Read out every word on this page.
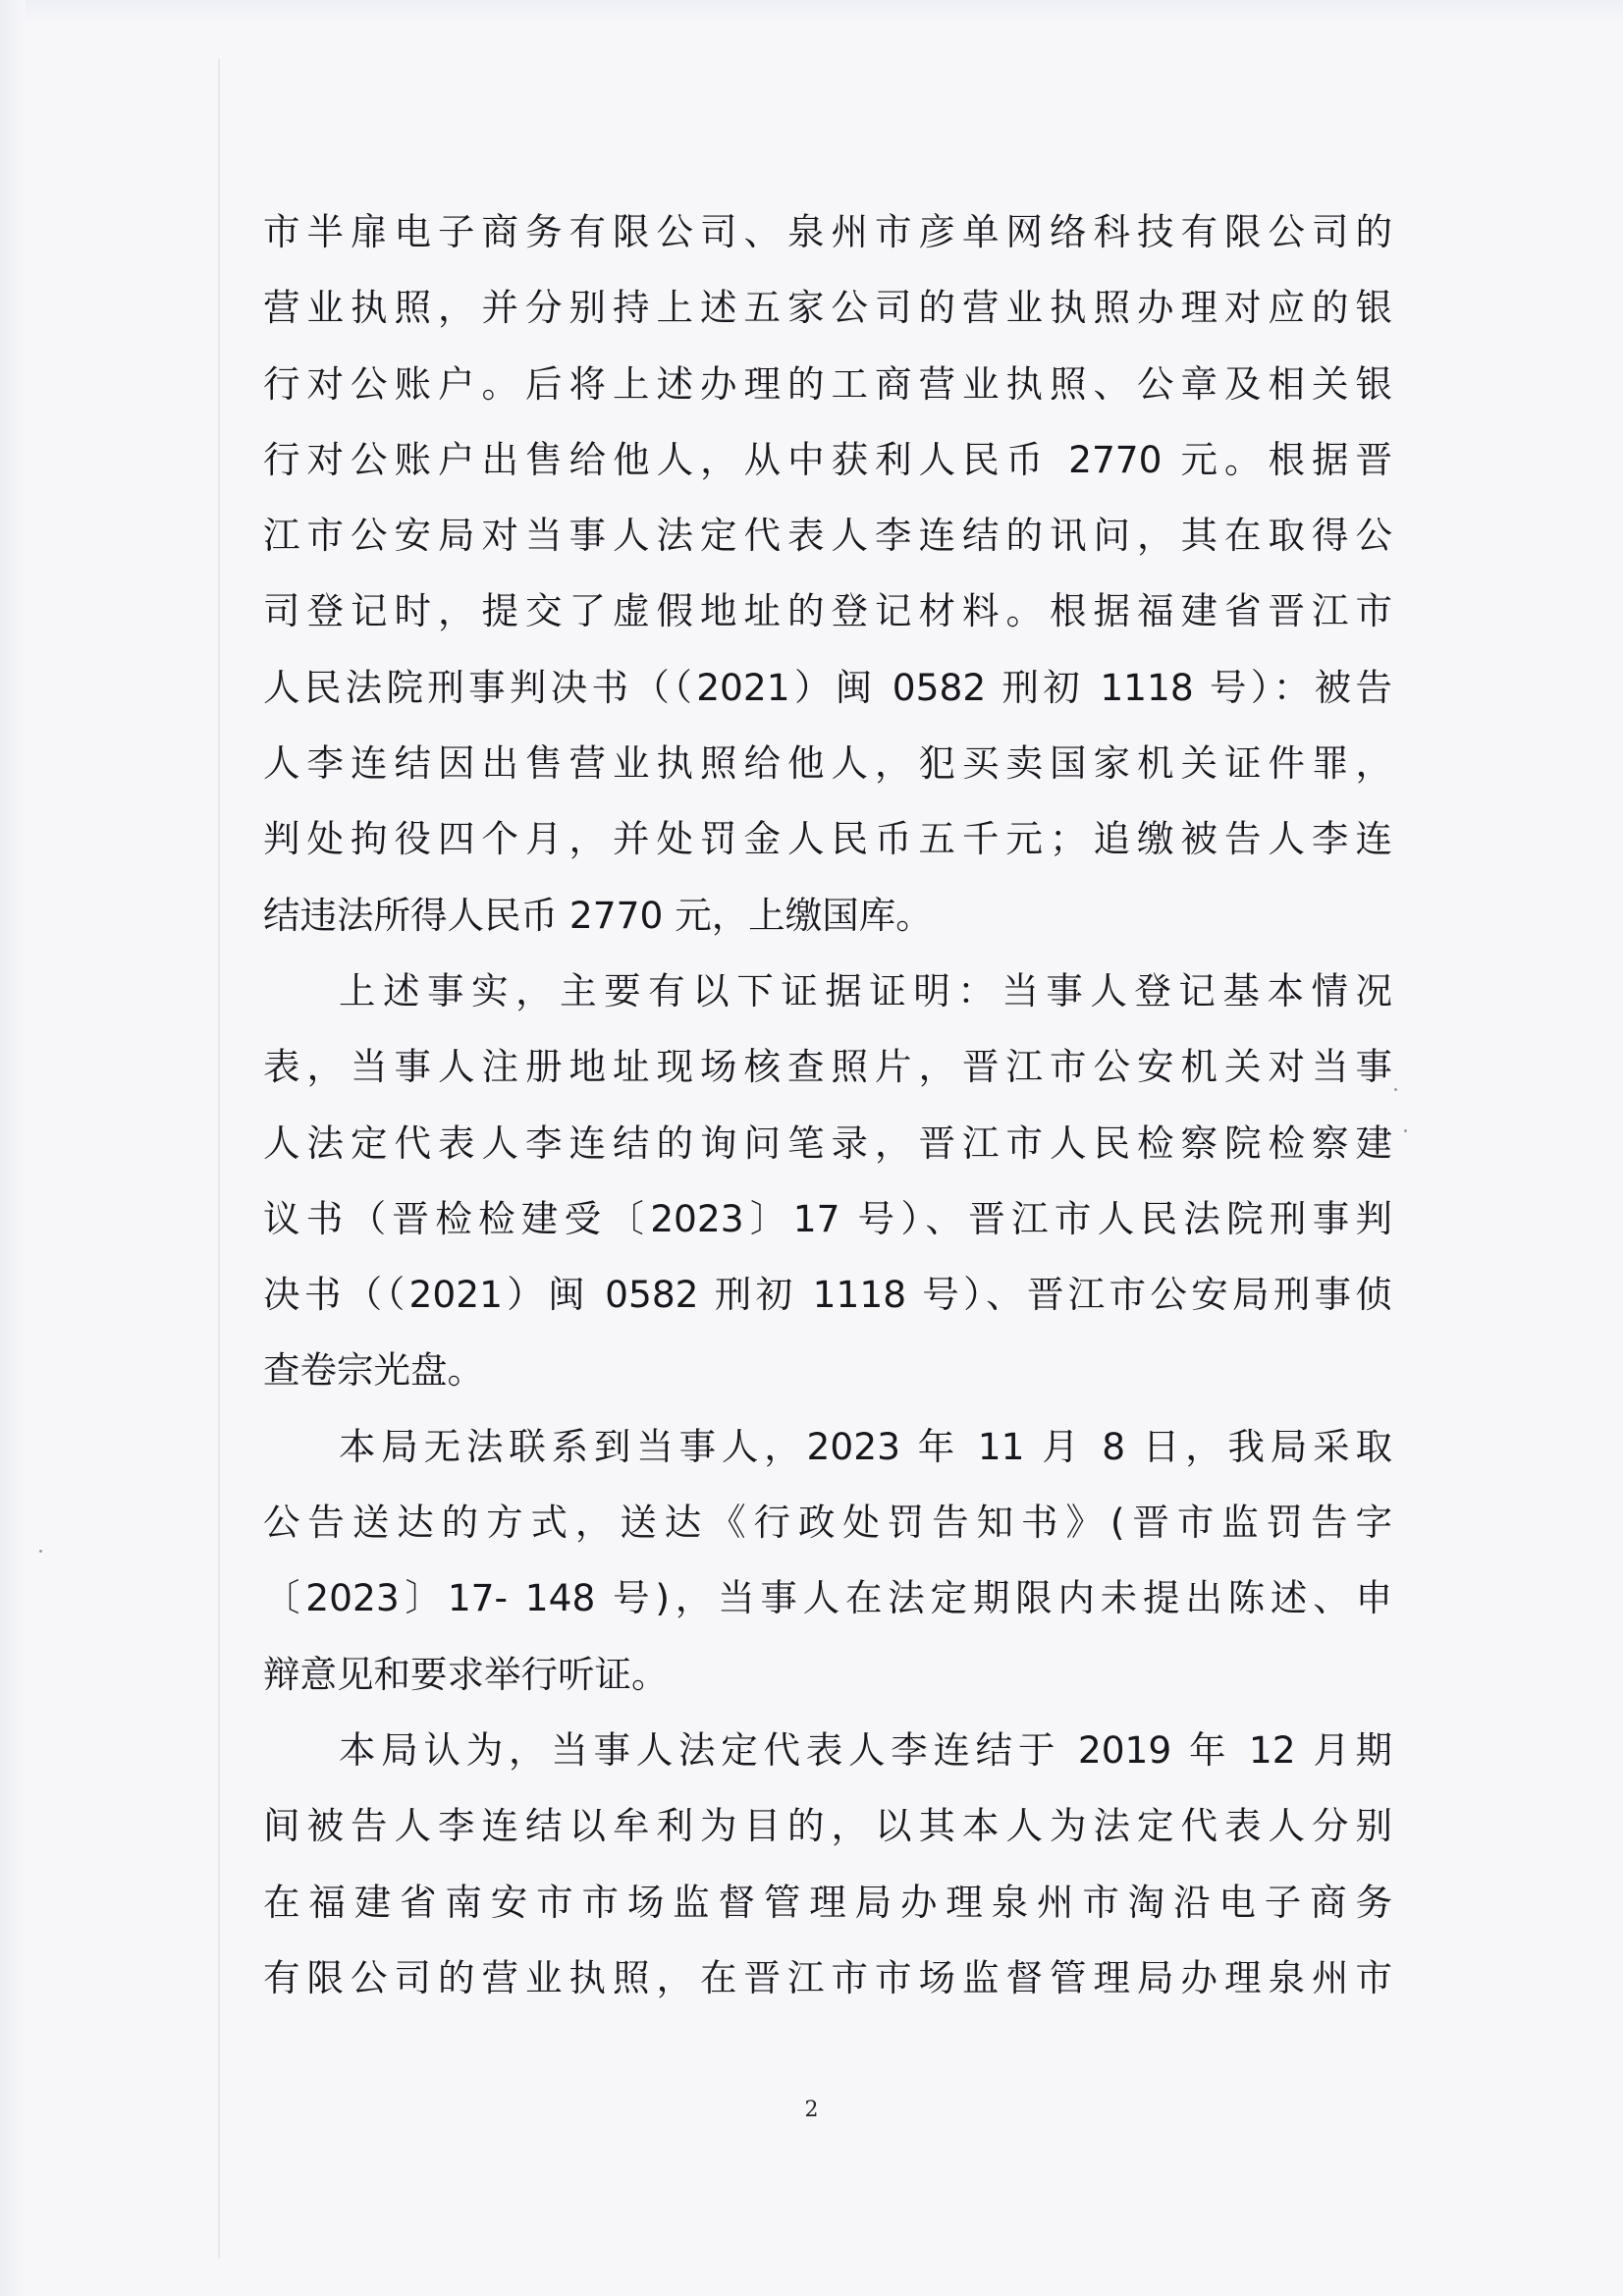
市半扉电子商务有限公司、泉州市彦单网络科技有限公司的
营业执照，并分别持上述五家公司的营业执照办理对应的银
行对公账户。后将上述办理的工商营业执照、公章及相关银
行对公账户出售给他人，从中获利人民币 2770 元。根据晋
江市公安局对当事人法定代表人李连结的讯问，其在取得公
司登记时，提交了虚假地址的登记材料。根据福建省晋江市
人民法院刑事判决书（（2021）闽 0582 刑初 1118 号）：被告
人李连结因出售营业执照给他人，犯买卖国家机关证件罪，
判处拘役四个月，并处罚金人民币五千元；追缴被告人李连
结违法所得人民币 2770 元，上缴国库。
上述事实，主要有以下证据证明：当事人登记基本情况
表，当事人注册地址现场核查照片，晋江市公安机关对当事
人法定代表人李连结的询问笔录，晋江市人民检察院检察建
议书（晋检检建受〔2023〕17 号）、晋江市人民法院刑事判
决书（（2021）闽 0582 刑初 1118 号）、晋江市公安局刑事侦
查卷宗光盘。
本局无法联系到当事人，2023 年 11 月 8 日，我局采取
公告送达的方式，送达《行政处罚告知书》(晋市监罚告字
〔2023〕17- 148 号)，当事人在法定期限内未提出陈述、申
辩意见和要求举行听证。
本局认为，当事人法定代表人李连结于 2019 年 12 月期
间被告人李连结以牟利为目的，以其本人为法定代表人分别
在福建省南安市市场监督管理局办理泉州市淘沿电子商务
有限公司的营业执照，在晋江市市场监督管理局办理泉州市
2
